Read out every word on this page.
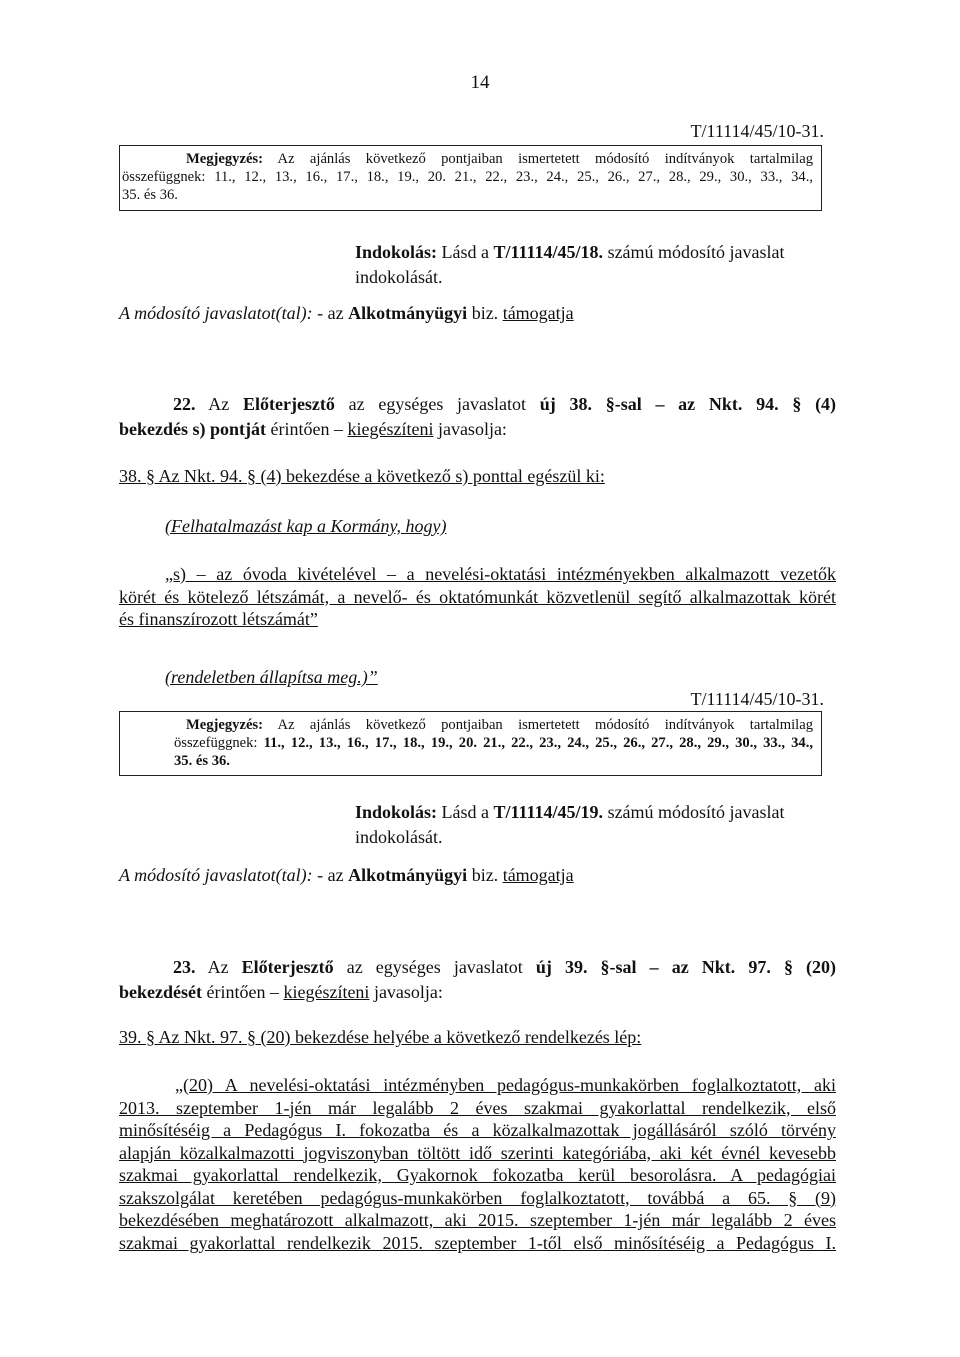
14
T/11114/45/10-31.
Megjegyzés: Az ajánlás következő pontjaiban ismertetett módosító indítványok tartalmilag
összefüggnek: 11., 12., 13., 16., 17., 18., 19., 20. 21., 22., 23., 24., 25., 26., 27., 28., 29., 30., 33., 34.,
35. és 36.
Indokolás: Lásd a T/11114/45/18. számú módosító javaslat
indokolását.
A módosító javaslatot(tal): - az Alkotmányügyi biz. támogatja
22. Az Előterjesztő az egységes javaslatot új 38. §-sal – az Nkt. 94. § (4)
bekezdés s) pontját érintően – kiegészíteni javasolja:
38. § Az Nkt. 94. § (4) bekezdése a következő s) ponttal egészül ki:
(Felhatalmazást kap a Kormány, hogy)
„s) – az óvoda kivételével – a nevelési-oktatási intézményekben alkalmazott vezetők
körét és kötelező létszámát, a nevelő- és oktatómunkát közvetlenül segítő alkalmazottak körét
és finanszírozott létszámát”
(rendeletben állapítsa meg.)”
T/11114/45/10-31.
Megjegyzés: Az ajánlás következő pontjaiban ismertetett módosító indítványok tartalmilag
összefüggnek: 11., 12., 13., 16., 17., 18., 19., 20. 21., 22., 23., 24., 25., 26., 27., 28., 29., 30., 33., 34.,
35. és 36.
Indokolás: Lásd a T/11114/45/19. számú módosító javaslat
indokolását.
A módosító javaslatot(tal): - az Alkotmányügyi biz. támogatja
23. Az Előterjesztő az egységes javaslatot új 39. §-sal – az Nkt. 97. § (20)
bekezdését érintően – kiegészíteni javasolja:
39. § Az Nkt. 97. § (20) bekezdése helyébe a következő rendelkezés lép:
„(20) A nevelési-oktatási intézményben pedagógus-munkakörben foglalkoztatott, aki
2013. szeptember 1-jén már legalább 2 éves szakmai gyakorlattal rendelkezik, első
minősítéséig a Pedagógus I. fokozatba és a közalkalmazottak jogállásáról szóló törvény
alapján közalkalmazotti jogviszonyban töltött idő szerinti kategóriába, aki két évnél kevesebb
szakmai gyakorlattal rendelkezik, Gyakornok fokozatba kerül besorolásra. A pedagógiai
szakszolgálat keretében pedagógus-munkakörben foglalkoztatott, továbbá a 65. § (9)
bekezdésében meghatározott alkalmazott, aki 2015. szeptember 1-jén már legalább 2 éves
szakmai gyakorlattal rendelkezik 2015. szeptember 1-től első minősítéséig a Pedagógus I.
